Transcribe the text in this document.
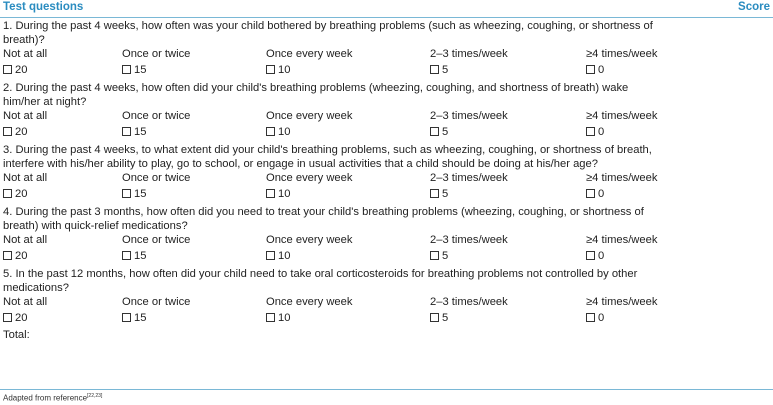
Test questions	Score

1. During the past 4 weeks, how often was your child bothered by breathing problems (such as wheezing, coughing, or shortness of breath)?

Not at all	Once or twice	Once every week	2–3 times/week	≥4 times/week
20	15	10	5	0

2. During the past 4 weeks, how often did your child's breathing problems (wheezing, coughing, and shortness of breath) wake him/her at night?

Not at all	Once or twice	Once every week	2–3 times/week	≥4 times/week
20	15	10	5	0

3. During the past 4 weeks, to what extent did your child's breathing problems, such as wheezing, coughing, or shortness of breath, interfere with his/her ability to play, go to school, or engage in usual activities that a child should be doing at his/her age?

Not at all	Once or twice	Once every week	2–3 times/week	≥4 times/week
20	15	10	5	0

4. During the past 3 months, how often did you need to treat your child's breathing problems (wheezing, coughing, or shortness of breath) with quick-relief medications?

Not at all	Once or twice	Once every week	2–3 times/week	≥4 times/week
20	15	10	5	0

5. In the past 12 months, how often did your child need to take oral corticosteroids for breathing problems not controlled by other medications?

Not at all	Once or twice	Once every week	2–3 times/week	≥4 times/week
20	15	10	5	0
Total:
Adapted from reference[22,23]
